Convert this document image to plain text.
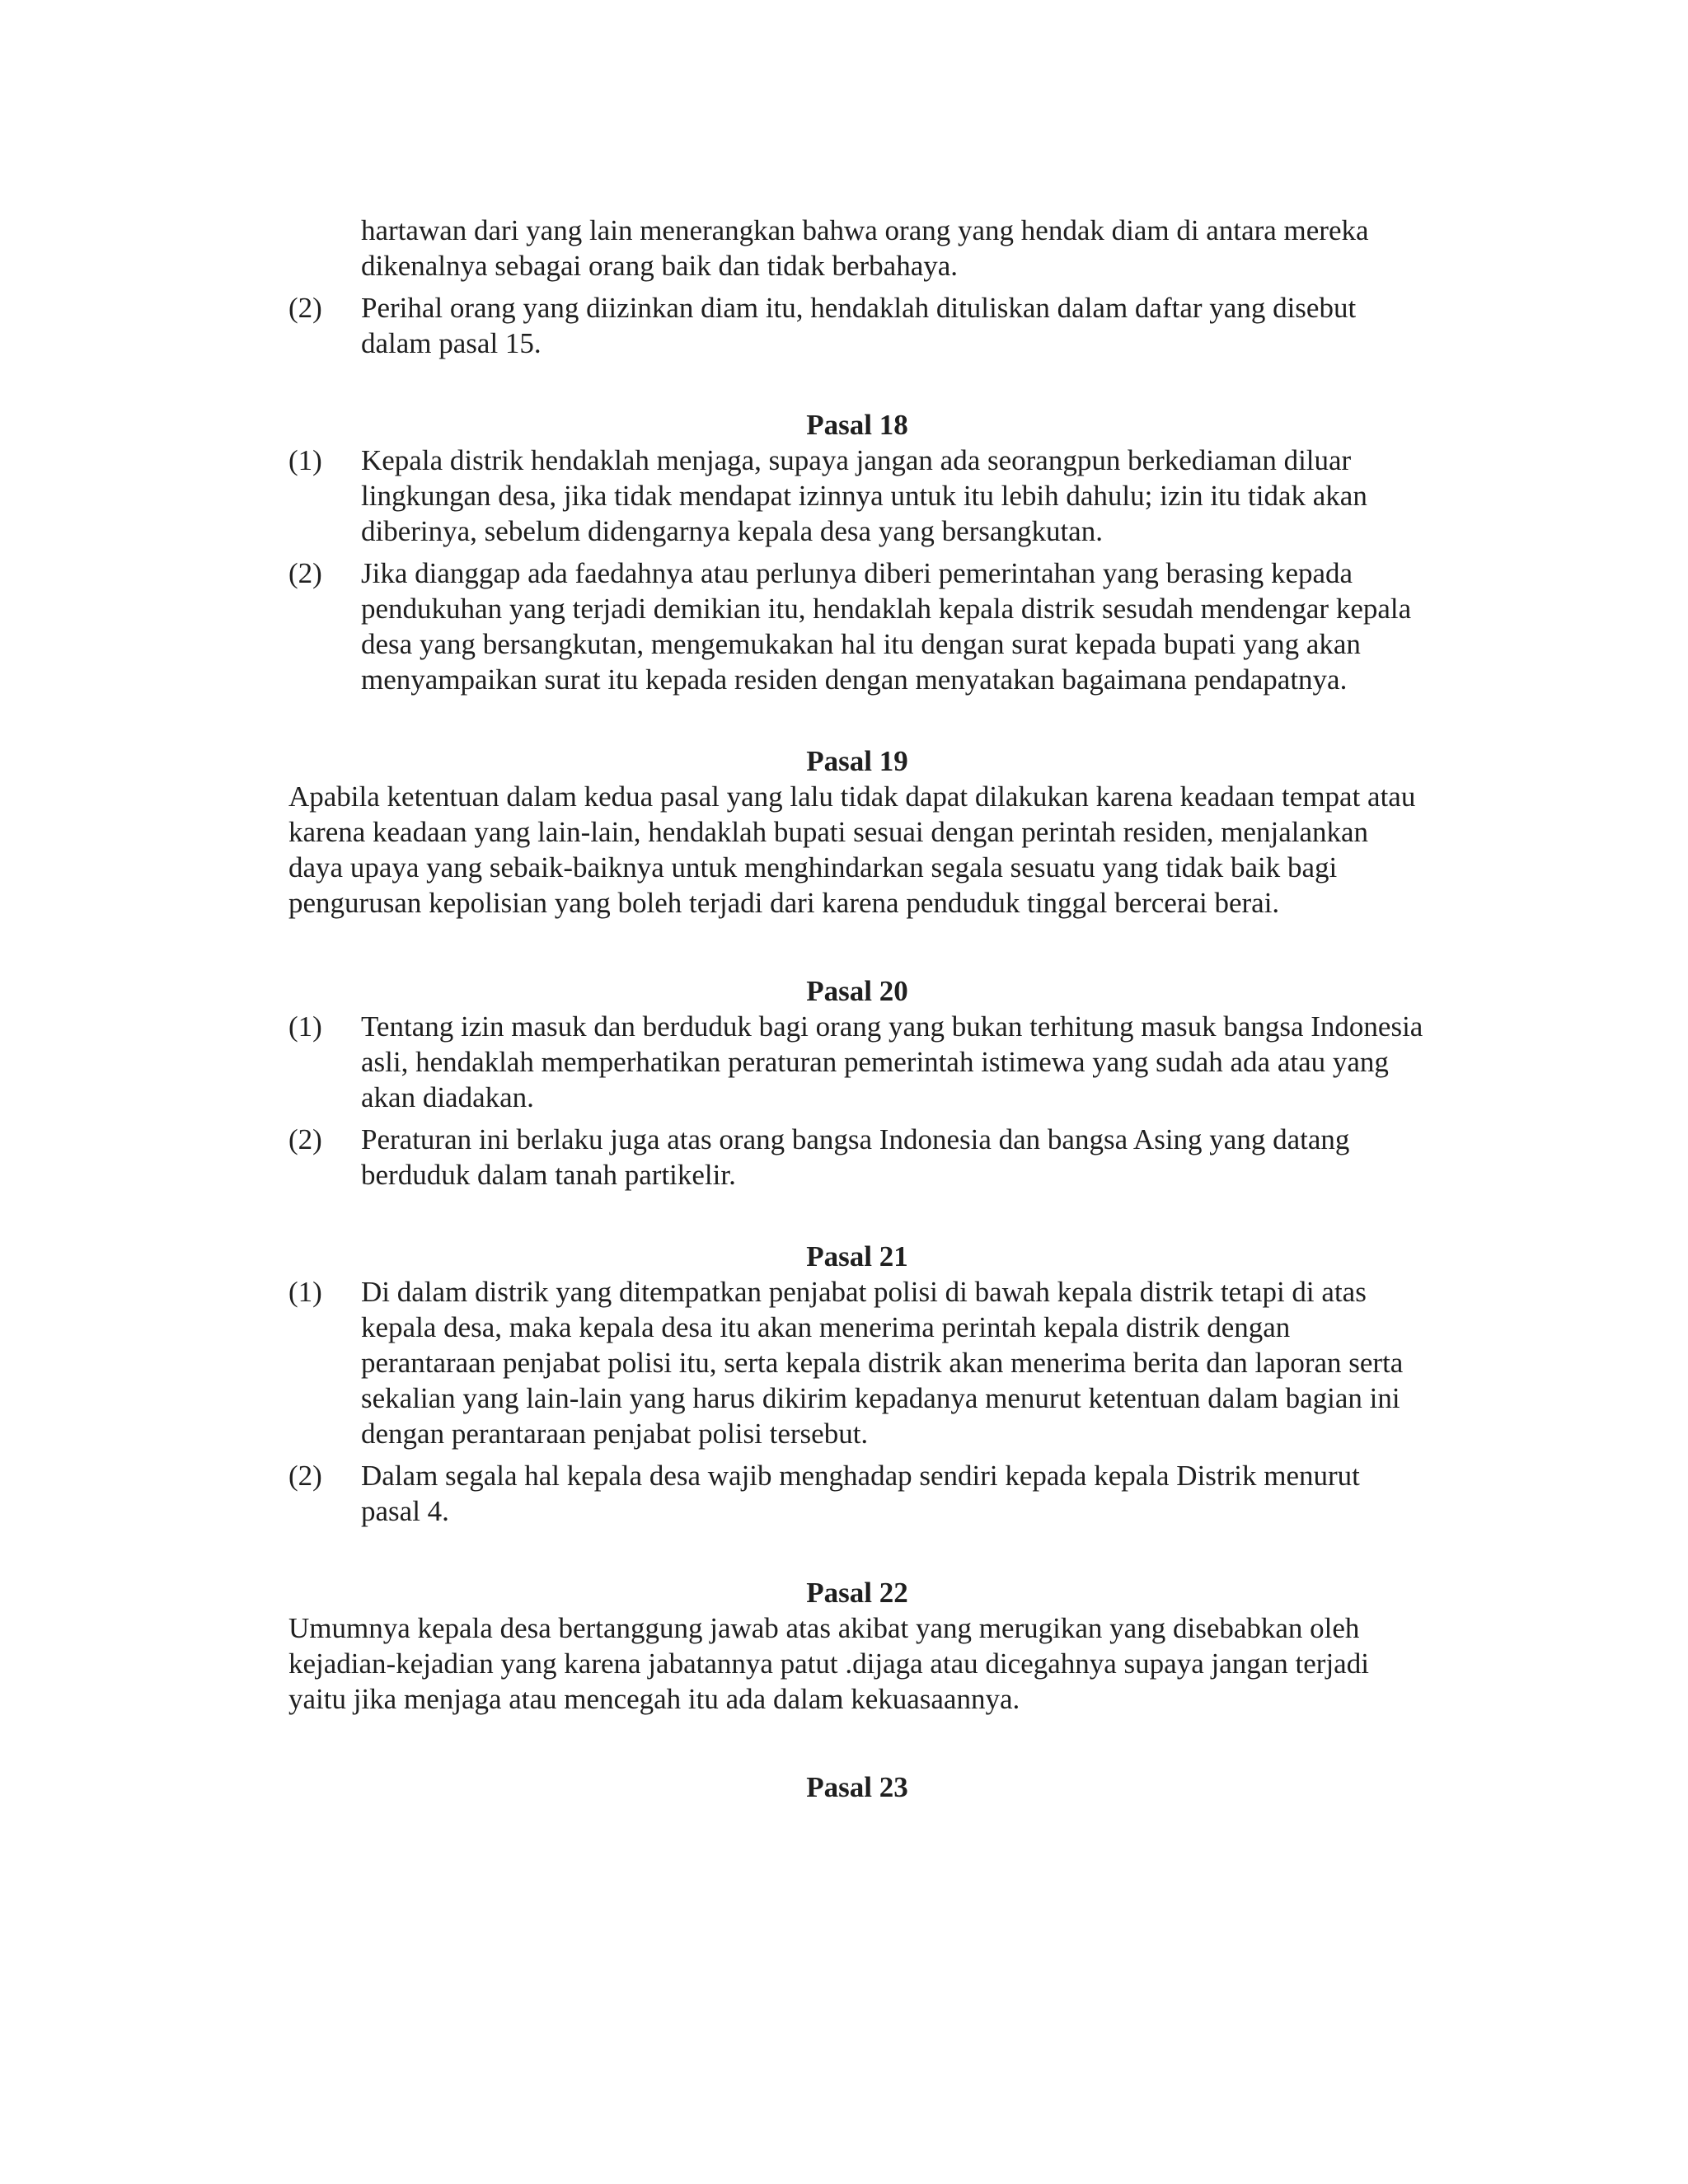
hartawan dari yang lain menerangkan bahwa orang yang hendak diam di antara mereka dikenalnya sebagai orang baik dan tidak berbahaya.

(2) Perihal orang yang diizinkan diam itu, hendaklah dituliskan dalam daftar yang disebut dalam pasal 15.

Pasal 18

(1) Kepala distrik hendaklah menjaga, supaya jangan ada seorangpun berkediaman diluar lingkungan desa, jika tidak mendapat izinnya untuk itu lebih dahulu; izin itu tidak akan diberinya, sebelum didengarnya kepala desa yang bersangkutan.
(2) Jika dianggap ada faedahnya atau perlunya diberi pemerintahan yang berasing kepada pendukuhan yang terjadi demikian itu, hendaklah kepala distrik sesudah mendengar kepala desa yang bersangkutan, mengemukakan hal itu dengan surat kepada bupati yang akan menyampaikan surat itu kepada residen dengan menyatakan bagaimana pendapatnya.

Pasal 19

Apabila ketentuan dalam kedua pasal yang lalu tidak dapat dilakukan karena keadaan tempat atau karena keadaan yang lain-lain, hendaklah bupati sesuai dengan perintah residen, menjalankan daya upaya yang sebaik-baiknya untuk menghindarkan segala sesuatu yang tidak baik bagi pengurusan kepolisian yang boleh terjadi dari karena penduduk tinggal bercerai berai.

Pasal 20

(1) Tentang izin masuk dan berduduk bagi orang yang bukan terhitung masuk bangsa Indonesia asli, hendaklah memperhatikan peraturan pemerintah istimewa yang sudah ada atau yang akan diadakan.
(2) Peraturan ini berlaku juga atas orang bangsa Indonesia dan bangsa Asing yang datang berduduk dalam tanah partikelir.

Pasal 21

(1) Di dalam distrik yang ditempatkan penjabat polisi di bawah kepala distrik tetapi di atas kepala desa, maka kepala desa itu akan menerima perintah kepala distrik dengan perantaraan penjabat polisi itu, serta kepala distrik akan menerima berita dan laporan serta sekalian yang lain-lain yang harus dikirim kepadanya menurut ketentuan dalam bagian ini dengan perantaraan penjabat polisi tersebut.
(2) Dalam segala hal kepala desa wajib menghadap sendiri kepada kepala Distrik menurut pasal 4.

Pasal 22

Umumnya kepala desa bertanggung jawab atas akibat yang merugikan yang disebabkan oleh kejadian-kejadian yang karena jabatannya patut .dijaga atau dicegahnya supaya jangan terjadi yaitu jika menjaga atau mencegah itu ada dalam kekuasaannya.

Pasal 23
